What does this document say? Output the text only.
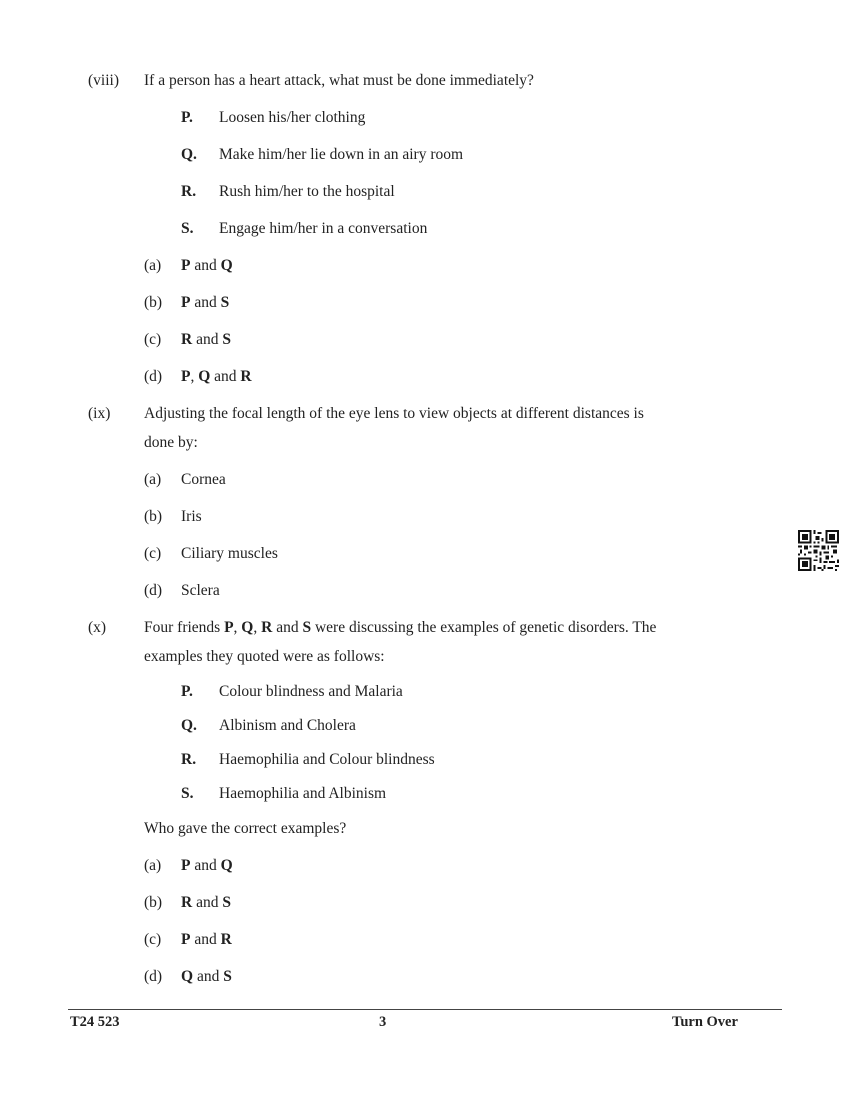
(viii) If a person has a heart attack, what must be done immediately?
P. Loosen his/her clothing
Q. Make him/her lie down in an airy room
R. Rush him/her to the hospital
S. Engage him/her in a conversation
(a) P and Q
(b) P and S
(c) R and S
(d) P, Q and R
(ix) Adjusting the focal length of the eye lens to view objects at different distances is
done by:
(a) Cornea
(b) Iris
(c) Ciliary muscles
(d) Sclera
(x) Four friends P, Q, R and S were discussing the examples of genetic disorders. The
examples they quoted were as follows:
P. Colour blindness and Malaria
Q. Albinism and Cholera
R. Haemophilia and Colour blindness
S. Haemophilia and Albinism
Who gave the correct examples?
(a) P and Q
(b) R and S
(c) P and R
(d) Q and S
T24 523	3	Turn Over
